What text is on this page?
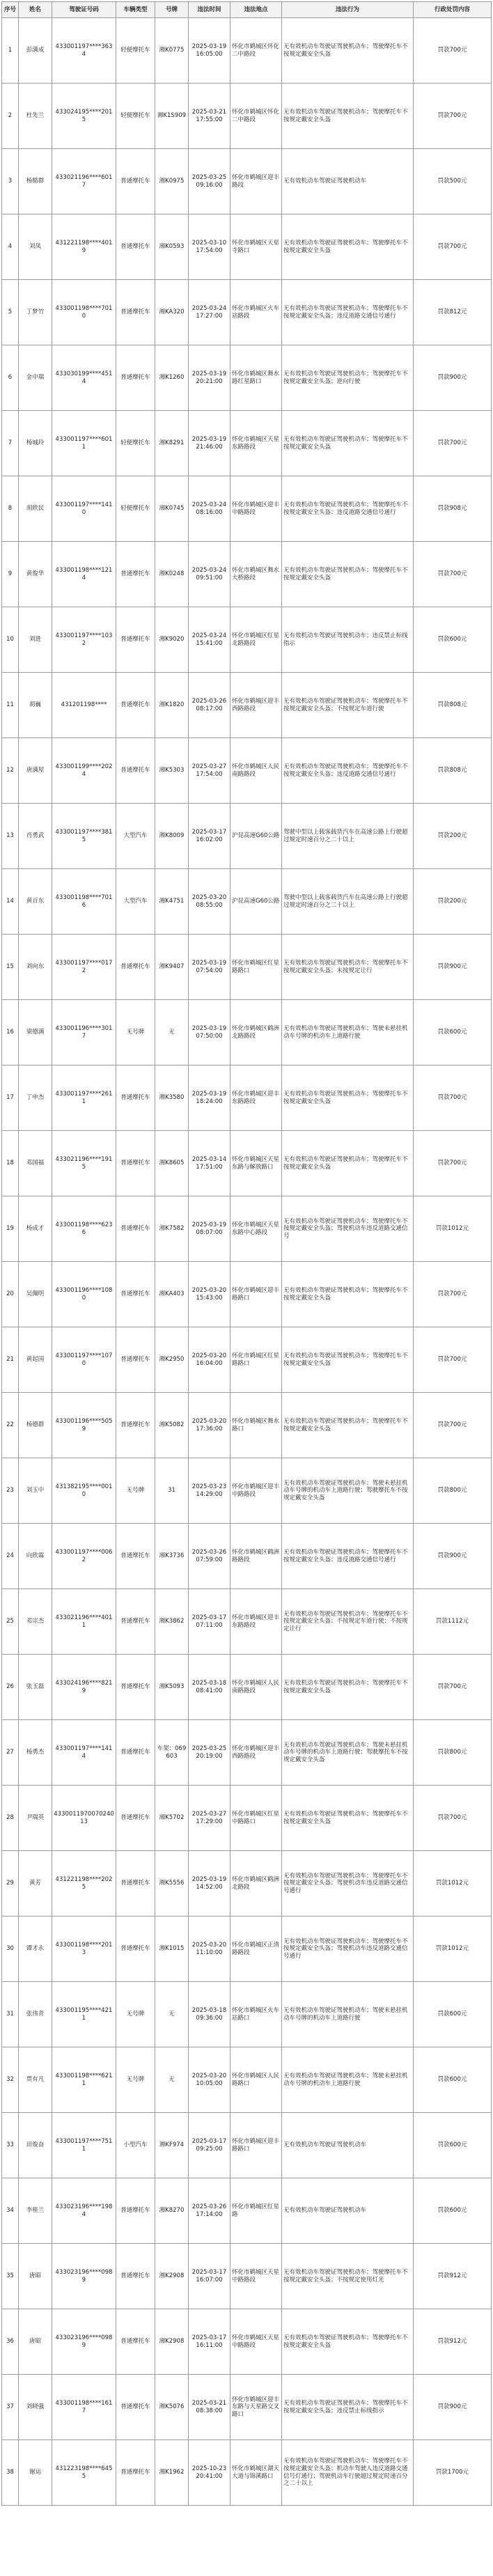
序号	姓名	驾驶证号码	车辆类型	号牌	违法时间	违法地点	违法行为	行政处罚内容
1	彭满成	433001197****3634	轻便摩托车	湘K0775	2025-03-19 16:05:00	怀化市鹤城区怀化二中路段	无有效机动车驾驶证驾驶机动车；驾驶摩托车不按规定戴安全头盔	罚款700元
2	杜先兰	433024195****2015	轻便摩托车	湘K1S909	2025-03-21 17:55:00	怀化市鹤城区怀化二中路段	无有效机动车驾驶证驾驶机动车；驾驶摩托车不按规定戴安全头盔	罚款700元
3	杨腊群	433021196****6017	普通摩托车	湘K0975	2025-03-25 09:16:00	怀化市鹤城区迎丰路段	无有效机动车驾驶证驾驶机动车	罚款500元
4	刘凤	431221198****4019	普通摩托车	湘K0593	2025-03-10 17:54:00	怀化市鹤城区天星寺路口	无有效机动车驾驶证驾驶机动车；驾驶摩托车不按规定戴安全头盔	罚款700元
5	丁梦竹	433001198****7010	普通摩托车	湘KA320	2025-03-24 17:27:00	怀化市鹤城区火车站路段	无有效机动车驾驶证驾驶机动车；驾驶摩托车不按规定戴安全头盔；违反道路交通信号通行	罚款812元
6	金中瑞	433030199****4514	普通摩托车	湘K1260	2025-03-19 20:21:00	怀化市鹤城区舞水路红星路口	无有效机动车驾驶证驾驶机动车；驾驶摩托车不按规定戴安全头盔；逆向行驶	罚款900元
7	杨城玲	433001197****6011	轻便摩托车	湘K8291	2025-03-19 21:46:00	怀化市鹤城区天星东路路段	无有效机动车驾驶证驾驶机动车；驾驶摩托车不按规定戴安全头盔	罚款700元
8	胡欣民	433001197****1410	轻便摩托车	湘K0745	2025-03-24 08:16:00	怀化市鹤城区迎丰中路路段	无有效机动车驾驶证驾驶机动车；驾驶摩托车不按规定戴安全头盔；违反道路交通信号通行	罚款908元
9	黄俊华	433001198****1214	普通摩托车	湘K0248	2025-03-24 09:51:00	怀化市鹤城区舞水大桥路段	无有效机动车驾驶证驾驶机动车；驾驶摩托车不按规定戴安全头盔	罚款700元
10	刘进	433001197****1032	普通摩托车	湘K9020	2025-03-24 15:41:00	怀化市鹤城区红星北路路段	无有效机动车驾驶证驾驶机动车；违反禁止标线指示	罚款600元
11	胡巍	431201198****	普通摩托车	湘K1820	2025-03-26 08:17:00	怀化市鹤城区迎丰西路路段	无有效机动车驾驶证驾驶机动车；驾驶摩托车不按规定戴安全头盔；不按规定车道行驶	罚款808元
12	唐满屋	433001199****2024	普通摩托车	湘K5303	2025-03-27 17:54:00	怀化市鹤城区人民南路路段	无有效机动车驾驶证驾驶机动车；驾驶摩托车不按规定戴安全头盔；违反道路交通信号通行	罚款808元
13	肖勇武	433001197****3815	大型汽车	湘K8009	2025-03-17 16:02:00	沪昆高速G60公路	驾驶中型以上载客载货汽车在高速公路上行驶超过规定时速百分之二十以上	罚款200元
14	黄百东	433001198****7016	大型汽车	湘K4751	2025-03-20 08:55:00	沪昆高速G60公路	驾驶中型以上载客载货汽车在高速公路上行驶超过规定时速百分之二十以上	罚款200元
15	刘向东	433001197****0172	普通摩托车	湘K9407	2025-03-19 07:54:00	怀化市鹤城区红星路路口	无有效机动车驾驶证驾驶机动车；驾驶摩托车不按规定戴安全头盔；未按规定让行	罚款900元
16	梁德满	433001196****3017	无号牌	无	2025-03-19 07:50:00	怀化市鹤城区鹤洲北路路段	无有效机动车驾驶证驾驶机动车；驾驶未悬挂机动车号牌的机动车上道路行驶	罚款600元
17	丁申杰	433001197****2611	普通摩托车	湘K3580	2025-03-19 18:24:00	怀化市鹤城区迎丰东路路段	无有效机动车驾驶证驾驶机动车；驾驶摩托车不按规定戴安全头盔	罚款700元
18	邓国福	433021196****1915	普通摩托车	湘K8605	2025-03-14 17:51:00	怀化市鹤城区天星东路与解放路口	无有效机动车驾驶证驾驶机动车；驾驶摩托车不按规定戴安全头盔	罚款700元
19	杨成才	433001198****6236	普通摩托车	湘K7582	2025-03-19 08:07:00	怀化市鹤城区天星东路中心路段	无有效机动车驾驶证驾驶机动车；驾驶摩托车不按规定戴安全头盔；驾驶机动车违反道路交通信号	罚款1012元
20	吴佩明	433001196****1080	普通摩托车	湘KA403	2025-03-20 15:43:00	怀化市鹤城区迎丰路路口	无有效机动车驾驶证驾驶机动车；驾驶摩托车不按规定戴安全头盔	罚款700元
21	黄起国	433001197****1070	普通摩托车	湘K2950	2025-03-20 16:04:00	怀化市鹤城区红星路路口	无有效机动车驾驶证驾驶机动车；驾驶摩托车不按规定戴安全头盔	罚款700元
22	杨德群	433001196****5059	普通摩托车	湘K5082	2025-03-20 17:36:00	怀化市鹤城区舞水路口	无有效机动车驾驶证驾驶机动车；驾驶摩托车不按规定戴安全头盔	罚款700元
23	刘玉中	431382195****0010	无号牌	31	2025-03-23 14:29:00	怀化市鹤城区迎丰中路路段	无有效机动车驾驶证驾驶机动车；驾驶未悬挂机动车号牌的机动车上道路行驶；驾驶摩托车不按规定戴安全头盔	罚款800元
24	向欣霖	433001197****0062	普通摩托车	湘K3736	2025-03-26 07:59:00	怀化市鹤城区鹤洲路路段	无有效机动车驾驶证驾驶机动车；驾驶摩托车不按规定戴安全头盔；违反道路交通信号通行	罚款900元
25	邓宗杰	433021196****4011	普通摩托车	湘K3862	2025-03-17 07:11:00	怀化市鹤城区迎丰东路路段	无有效机动车驾驶证驾驶机动车；驾驶摩托车不按规定戴安全头盔；不按规定车道行驶；不按规定让行	罚款1112元
26	张玉磊	433024196****8219	普通摩托车	湘K5093	2025-03-18 08:41:00	怀化市鹤城区人民南路路段	无有效机动车驾驶证驾驶机动车；驾驶摩托车不按规定戴安全头盔	罚款700元
27	杨勇杰	433001197****1414	普通摩托车	车架：069603	2025-03-25 20:19:00	怀化市鹤城区迎丰西路路段	无有效机动车驾驶证驾驶机动车；驾驶未悬挂机动车号牌的机动车上道路行驶；驾驶摩托车不按规定戴安全头盔	罚款800元
28	尹瑞英	433001197007024013	普通摩托车	湘K5702	2025-03-27 17:29:00	怀化市鹤城区红星中路路口	无有效机动车驾驶证驾驶机动车；驾驶摩托车不按规定戴安全头盔	罚款700元
29	黄芳	431221198****2025	普通摩托车	湘K5556	2025-03-19 14:52:00	怀化市鹤城区鹤洲北路段	无有效机动车驾驶证驾驶机动车；驾驶摩托车不按规定戴安全头盔；驾驶机动车违反道路交通信号通行	罚款1012元
30	谭才永	433001198****2013	普通摩托车	湘K1015	2025-03-20 11:10:00	怀化市鹤城区正清路路段	无有效机动车驾驶证驾驶机动车；驾驶摩托车不按规定戴安全头盔；驾驶机动车违反道路交通信号通行	罚款1012元
31	张伟青	433001195****4211	无号牌	无	2025-03-18 09:36:00	怀化市鹤城区火车站路口	无有效机动车驾驶证驾驶机动车；驾驶未悬挂机动车号牌的机动车上道路行驶	罚款600元
32	贾有凡	433001198****6211	无号牌	无	2025-03-20 10:05:00	怀化市鹤城区人民路路口	无有效机动车驾驶证驾驶机动车；驾驶未悬挂机动车号牌的机动车上道路行驶	罚款600元
33	田俊奋	433001197****7511	小型汽车	湘KF974	2025-03-17 09:25:00	怀化市鹤城区迎丰路路口	无有效机动车驾驶证驾驶机动车	罚款600元
34	李桂兰	433023196****1984	普通摩托车	湘K8270	2025-03-26 17:14:00	怀化市鹤城区红星路	无有效机动车驾驶证驾驶机动车	罚款600元
35	唐昭	433023196****0989	普通摩托车	湘K2908	2025-03-17 16:07:00	怀化市鹤城区天星中路路段	无有效机动车驾驶证驾驶机动车；驾驶摩托车不按规定戴安全头盔；不按规定使用灯光	罚款912元
36	唐昭	433023196****0989	普通摩托车	湘K2908	2025-03-17 16:11:00	怀化市鹤城区天星中路路段	无有效机动车驾驶证驾驶机动车；驾驶摩托车不按规定戴安全头盔	罚款912元
37	刘晓强	433001198****1617	普通摩托车	湘K5076	2025-03-21 08:38:00	怀化市鹤城区迎丰东路与天星路交叉路口	无有效机动车驾驶证驾驶机动车；驾驶摩托车不按规定戴安全头盔；违反禁止标线指示	罚款900元
38	谢运	431223198****6455	普通摩托车	湘K1962	2025-10-23 20:41:00	怀化市鹤城区湖天大道与锦溪路口	无有效机动车驾驶证驾驶机动车；驾驶摩托车不按规定戴安全头盔；机动车驾驶人违反道路交通信号灯通行；驾驶机动车行驶超过规定时速百分之二十以上	罚款1700元
